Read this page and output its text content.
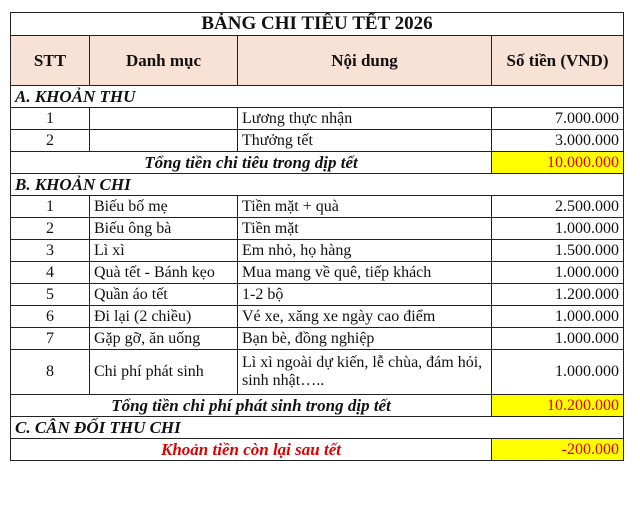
BẢNG CHI TIÊU TẾT 2026			
STT	Danh mục	Nội dung	Số tiền (VND)
A. KHOẢN THU			
1		Lương thực nhận	7.000.000
2		Thưởng tết	3.000.000
Tổng tiền chi tiêu trong dịp tết			10.000.000
B. KHOẢN CHI			
1	Biếu bố mẹ	Tiền mặt + quà	2.500.000
2	Biếu ông bà	Tiền mặt	1.000.000
3	Lì xì	Em nhỏ, họ hàng	1.500.000
4	Quà tết - Bánh kẹo	Mua mang về quê, tiếp khách	1.000.000
5	Quần áo tết	1-2 bộ	1.200.000
6	Đi lại (2 chiều)	Vé xe, xăng xe ngày cao điểm	1.000.000
7	Gặp gỡ, ăn uống	Bạn bè, đồng nghiệp	1.000.000
8	Chi phí phát sinh	Lì xì ngoài dự kiến, lễ chùa, đám hỏi, sinh nhật…..	1.000.000
Tổng tiền chi phí phát sinh trong dịp tết			10.200.000
C. CÂN ĐỐI THU CHI			
Khoản tiền còn lại sau tết			-200.000
